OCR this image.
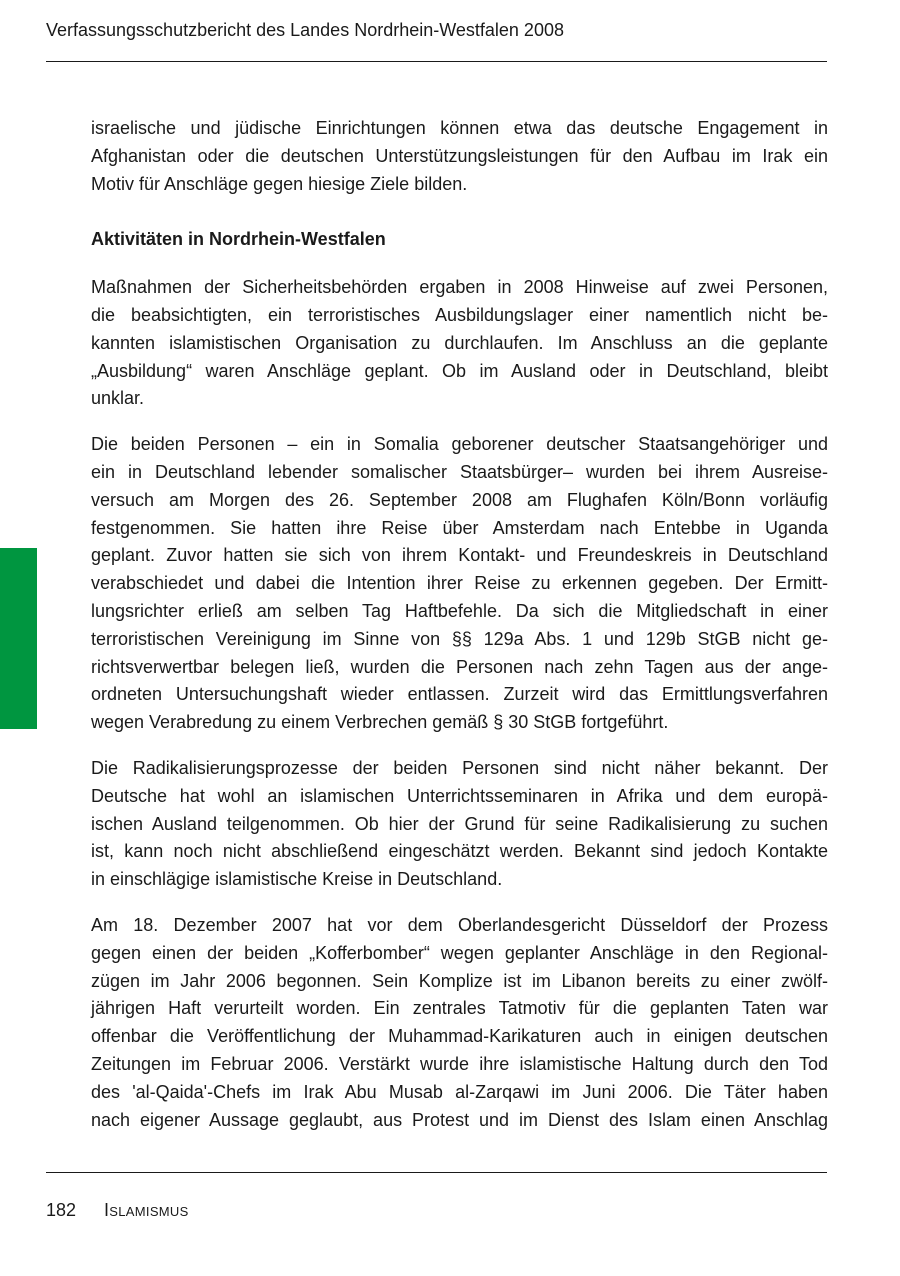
Verfassungsschutzbericht des Landes Nordrhein-Westfalen 2008
israelische und jüdische Einrichtungen können etwa das deutsche Engagement in
Afghanistan oder die deutschen Unterstützungsleistungen für den Aufbau im Irak ein
Motiv für Anschläge gegen hiesige Ziele bilden.
Aktivitäten in Nordrhein-Westfalen
Maßnahmen der Sicherheitsbehörden ergaben in 2008 Hinweise auf zwei Personen,
die beabsichtigten, ein terroristisches Ausbildungslager einer namentlich nicht be-
kannten islamistischen Organisation zu durchlaufen. Im Anschluss an die geplante
„Ausbildung“ waren Anschläge geplant. Ob im Ausland oder in Deutschland, bleibt
unklar.
Die beiden Personen – ein in Somalia geborener deutscher Staatsangehöriger und
ein in Deutschland lebender somalischer Staatsbürger– wurden bei ihrem Ausreise-
versuch am Morgen des 26. September 2008 am Flughafen Köln/Bonn vorläufig
festgenommen. Sie hatten ihre Reise über Amsterdam nach Entebbe in Uganda
geplant. Zuvor hatten sie sich von ihrem Kontakt- und Freundeskreis in Deutschland
verabschiedet und dabei die Intention ihrer Reise zu erkennen gegeben. Der Ermitt-
lungsrichter erließ am selben Tag Haftbefehle. Da sich die Mitgliedschaft in einer
terroristischen Vereinigung im Sinne von §§ 129a Abs. 1 und 129b StGB nicht ge-
richtsverwertbar belegen ließ, wurden die Personen nach zehn Tagen aus der ange-
ordneten Untersuchungshaft wieder entlassen. Zurzeit wird das Ermittlungsverfahren
wegen Verabredung zu einem Verbrechen gemäß § 30 StGB fortgeführt.
Die Radikalisierungsprozesse der beiden Personen sind nicht näher bekannt. Der
Deutsche hat wohl an islamischen Unterrichtsseminaren in Afrika und dem europä-
ischen Ausland teilgenommen. Ob hier der Grund für seine Radikalisierung zu suchen
ist, kann noch nicht abschließend eingeschätzt werden. Bekannt sind jedoch Kontakte
in einschlägige islamistische Kreise in Deutschland.
Am 18. Dezember 2007 hat vor dem Oberlandesgericht Düsseldorf der Prozess
gegen einen der beiden „Kofferbomber“ wegen geplanter Anschläge in den Regional-
zügen im Jahr 2006 begonnen. Sein Komplize ist im Libanon bereits zu einer zwölf-
jährigen Haft verurteilt worden. Ein zentrales Tatmotiv für die geplanten Taten war
offenbar die Veröffentlichung der Muhammad-Karikaturen auch in einigen deutschen
Zeitungen im Februar 2006. Verstärkt wurde ihre islamistische Haltung durch den Tod
des 'al-Qaida'-Chefs im Irak Abu Musab al-Zarqawi im Juni 2006. Die Täter haben
nach eigener Aussage geglaubt, aus Protest und im Dienst des Islam einen Anschlag
182 Islamismus
